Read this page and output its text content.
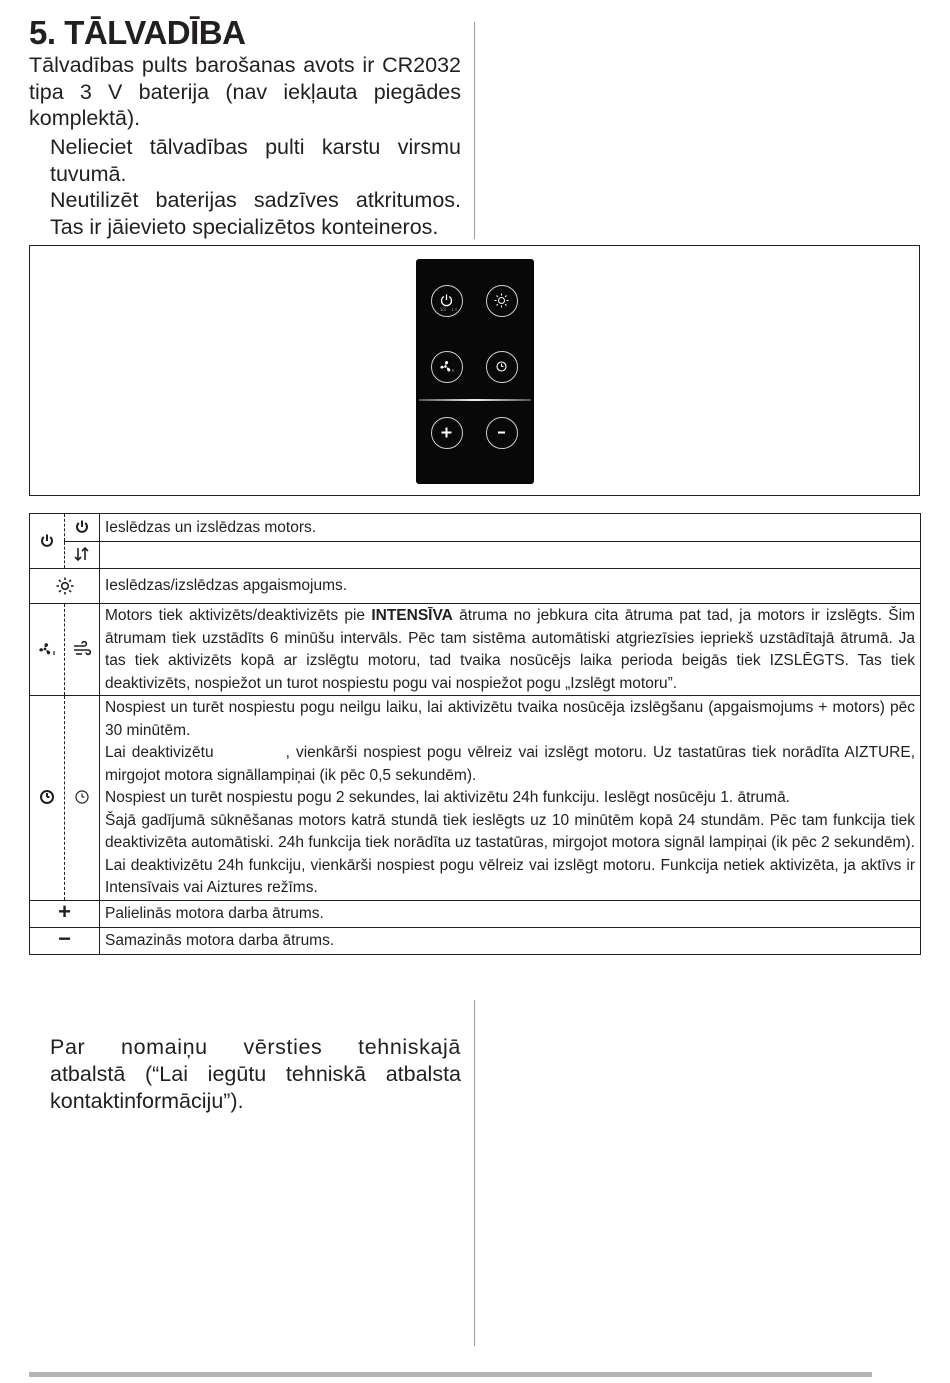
5. TĀLVADĪBA
Tālvadības pults barošanas avots ir CR2032 tipa 3 V baterija (nav iekļauta piegādes komplektā).
Nelieciet tālvadības pulti karstu virsmu tuvumā.
Neutilizēt baterijas sadzīves atkritumos. Tas ir jāievieto specializētos konteineros.
1⁄3 ↓↑
		Ieslēdzas un izslēdzas motors.

	Ieslēdzas/izslēdzas apgaismojums.
		Motors tiek aktivizēts/deaktivizēts pie INTENSĪVA ātruma no jebkura cita ātruma pat tad, ja motors ir izslēgts. Šim ātrumam tiek uzstādīts 6 minūšu intervāls. Pēc tam sistēma automātiski atgriezīsies iepriekš uzstādītajā ātrumā. Ja tas tiek aktivizēts kopā ar izslēgtu motoru, tad tvaika nosūcējs laika perioda beigās tiek IZSLĒGTS. Tas tiek deaktivizēts, nospiežot un turot nospiestu pogu vai nospiežot pogu „Izslēgt motoru”.

Nospiest un turēt nospiestu pogu neilgu laiku, lai aktivizētu tvaika nosūcēja izslēgšanu (apgaismojums + motors) pēc 30 minūtēm.
Lai deaktivizētu , vienkārši nospiest pogu vēlreiz vai izslēgt motoru. Uz tastatūras tiek norādīta AIZTURE, mirgojot motora signāllampiņai (ik pēc 0,5 sekundēm).
Nospiest un turēt nospiestu pogu 2 sekundes, lai aktivizētu 24h funkciju. Ieslēgt nosūcēju 1. ātrumā.
Šajā gadījumā sūknēšanas motors katrā stundā tiek ieslēgts uz 10 minūtēm kopā 24 stundām. Pēc tam funkcija tiek deaktivizēta automātiski. 24h funkcija tiek norādīta uz tastatūras, mirgojot motora signāl lampiņai (ik pēc 2 sekundēm). Lai deaktivizētu 24h funkciju, vienkārši nospiest pogu vēlreiz vai izslēgt motoru. Funkcija netiek aktivizēta, ja aktīvs ir Intensīvais vai Aiztures režīms.

+		Palielinās motora darba ātrums.
−		Samazinās motora darba ātrums.
Par nomaiņu vērsties tehniskajā
atbalstā (“Lai iegūtu tehniskā atbalsta kontaktinformāciju”).
